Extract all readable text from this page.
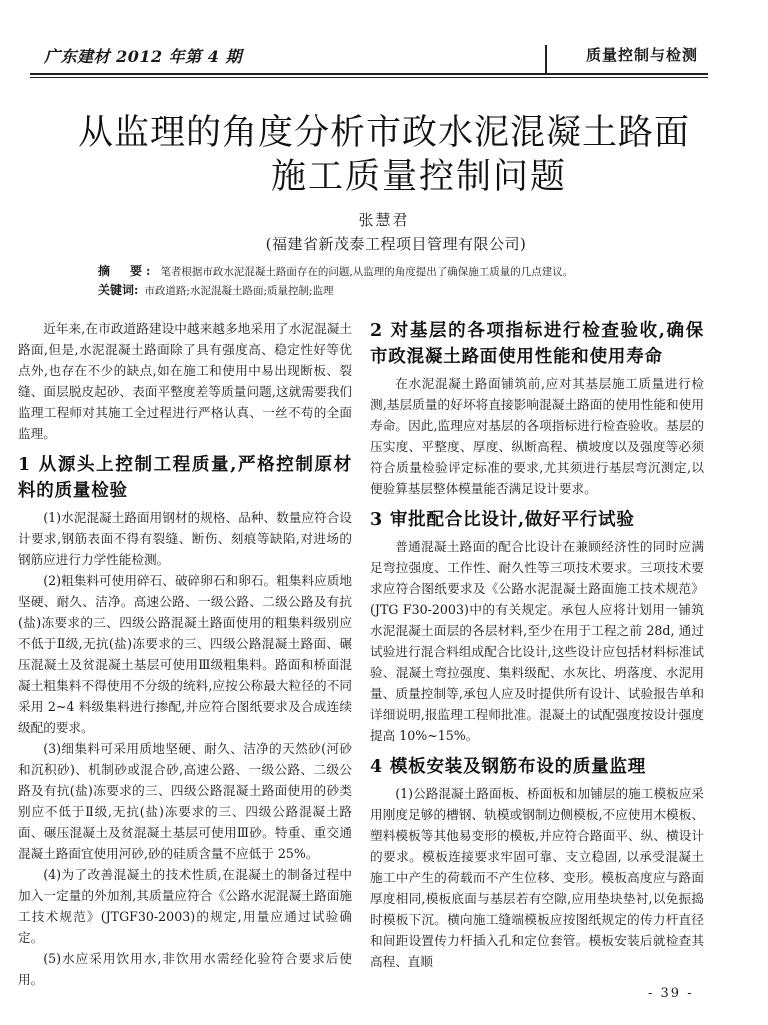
广东建材 2012 年第 4 期	质量控制与检测
从监理的角度分析市政水泥混凝土路面
施工质量控制问题
张慧君
(福建省新茂泰工程项目管理有限公司)
摘　要: 笔者根据市政水泥混凝土路面存在的问题,从监理的角度提出了确保施工质量的几点建议。
关键词: 市政道路;水泥混凝土路面;质量控制;监理

近年来,在市政道路建设中越来越多地采用了水泥混凝土路面,但是,水泥混凝土路面除了具有强度高、稳定性好等优点外,也存在不少的缺点,如在施工和使用中易出现断板、裂缝、面层脱皮起砂、表面平整度差等质量问题,这就需要我们监理工程师对其施工全过程进行严格认真、一丝不苟的全面监理。

1 从源头上控制工程质量,严格控制原材料的质量检验

(1)水泥混凝土路面用钢材的规格、品种、数量应符合设计要求,钢筋表面不得有裂缝、断伤、刻痕等缺陷,对进场的钢筋应进行力学性能检测。

(2)粗集料可使用碎石、破碎卵石和卵石。粗集料应质地坚硬、耐久、洁净。高速公路、一级公路、二级公路及有抗(盐)冻要求的三、四级公路混凝土路面使用的粗集料级别应不低于Ⅱ级,无抗(盐)冻要求的三、四级公路混凝土路面、碾压混凝土及贫混凝土基层可使用Ⅲ级粗集料。路面和桥面混凝土粗集料不得使用不分级的统料,应按公称最大粒径的不同采用 2~4 料级集料进行掺配,并应符合图纸要求及合成连续级配的要求。

(3)细集料可采用质地坚硬、耐久、洁净的天然砂(河砂和沉积砂)、机制砂或混合砂,高速公路、一级公路、二级公路及有抗(盐)冻要求的三、四级公路混凝土路面使用的砂类别应不低于Ⅱ级,无抗(盐)冻要求的三、四级公路混凝土路面、碾压混凝土及贫混凝土基层可使用Ⅲ砂。特重、重交通混凝土路面宜使用河砂,砂的硅质含量不应低于 25%。

(4)为了改善混凝土的技术性质,在混凝土的制备过程中加入一定量的外加剂,其质量应符合《公路水泥混凝土路面施工技术规范》(JTGF30-2003)的规定,用量应通过试验确定。

(5)水应采用饮用水,非饮用水需经化验符合要求后使用。

2 对基层的各项指标进行检查验收,确保市政混凝土路面使用性能和使用寿命

在水泥混凝土路面铺筑前,应对其基层施工质量进行检测,基层质量的好坏将直接影响混凝土路面的使用性能和使用寿命。因此,监理应对基层的各项指标进行检查验收。基层的压实度、平整度、厚度、纵断高程、横坡度以及强度等必须符合质量检验评定标准的要求,尤其须进行基层弯沉测定,以便验算基层整体模量能否满足设计要求。

3 审批配合比设计,做好平行试验

普通混凝土路面的配合比设计在兼顾经济性的同时应满足弯拉强度、工作性、耐久性等三项技术要求。三项技术要求应符合图纸要求及《公路水泥混凝土路面施工技术规范》(JTG F30-2003)中的有关规定。承包人应将计划用一铺筑水泥混凝土面层的各层材料,至少在用于工程之前 28d, 通过试验进行混合料组成配合比设计,这些设计应包括材料标准试验、混凝土弯拉强度、集料级配、水灰比、坍落度、水泥用量、质量控制等,承包人应及时提供所有设计、试验报告单和详细说明,报监理工程师批准。混凝土的试配强度按设计强度提高 10%~15%。

4 模板安装及钢筋布设的质量监理

(1)公路混凝土路面板、桥面板和加铺层的施工模板应采用刚度足够的槽钢、轨模或钢制边侧模板,不应使用木模板、塑料模板等其他易变形的模板,并应符合路面平、纵、横设计的要求。模板连接要求牢固可靠、支立稳固, 以承受混凝土施工中产生的荷载而不产生位移、变形。模板高度应与路面厚度相同,模板底面与基层若有空隙,应用垫块垫衬,以免振捣时模板下沉。横向施工缝端模板应按图纸规定的传力杆直径和间距设置传力杆插入孔和定位套管。模板安装后就检查其高程、直顺

- 39 -
